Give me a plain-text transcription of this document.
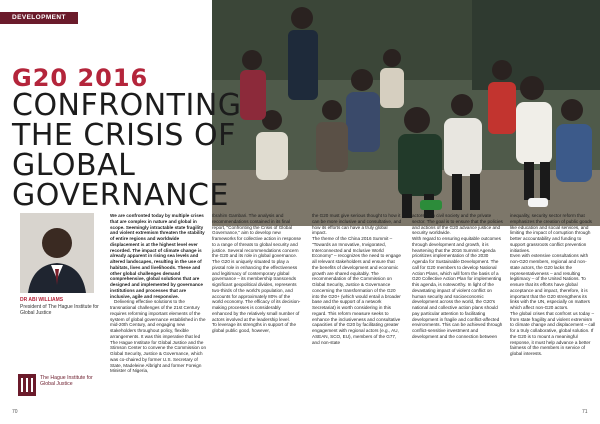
DEVELOPMENT
G20 2016
CONFRONTING THE CRISIS OF GLOBAL GOVERNANCE
DR ABI WILLIAMS
President of The Hague Institute for Global Justice
The Hague Institute for Global Justice

We are confronted today by multiple crises that are complex in nature and global in scope. Seemingly intractable state fragility and violent extremism threaten the stability of entire regions and worldwide displacement is at the highest level ever recorded. The impact of climate change is already apparent in rising sea levels and altered landscapes, resulting in the use of habitats, lives and livelihoods. These and other global challenges demand comprehensive, global solutions that are designed and implemented by governance institutions and processes that are inclusive, agile and responsive.

Delivering effective solutions to the transnational challenges of the 21st Century requires reforming important elements of the system of global governance established in the mid-20th Century, and engaging new stakeholders throughout policy, flexible arrangements. It was this imperative that led The Hague Institute for Global Justice and the Stimson Center to convene the Commission on Global Security, Justice & Governance, which was co-chaired by former U.S. Secretary of State, Madeleine Albright and former Foreign Minister of Nigeria,

Ibrahim Gambari. The analysis and recommendations contained in its final report, "Confronting the Crisis of Global Governance," aim to develop new frameworks for collective action in response to a range of threats to global security and justice. Several recommendations concern the G20 and its role in global governance.
The G20 is uniquely situated to play a pivotal role in enhancing the effectiveness and legitimacy of contemporary global governance – its membership transcends significant geopolitical divides, represents two-thirds of the world's population, and accounts for approximately 80% of the world economy. The efficacy of its decision-making processes is considerably enhanced by the relatively small number of actors involved at the leadership level.
To leverage its strengths in support of the global public good, however,

the G20 must give serious thought to how it can be more inclusive and consultative, and how its efforts can have a truly global impact.
The theme of the China 2016 Summit – "Towards an Innovative, Invigorated, Interconnected and Inclusive World Economy" – recognizes the need to engage all relevant stakeholders and ensure that the benefits of development and economic growth are shared equitably. The recommendation of the Commission on Global Security, Justice & Governance concerning the transformation of the G20 into the G20+ (which would entail a broader base and the support of a network Secretariat) is worth considering in this regard. This reform measure seeks to enhance the inclusiveness and consultative capacities of the G20 by facilitating greater engagement with regional actors (e.g., AU, ASEAN, SCO, EU), members of the G77, and non-state

actors from civil society and the private sector. The goal is to ensure that the policies and actions of the G20 advance justice and security worldwide.
With regard to ensuring equitable outcomes through development and growth, it is heartening that the 2016 Summit Agenda prioritizes implementation of the 2030 Agenda for Sustainable Development. The call for G20 members to develop National Action Plans, which will form the basis of a G20 Collective Action Plan for implementing this agenda, is noteworthy. In light of the devastating impact of violent conflict on human security and socioeconomic development across the world, the G20's national and collective action plans should pay particular attention to facilitating development in fragile and conflict-affected environments. This can be achieved through conflict-sensitive investment and development and the connection between

inequality, security sector reform that emphasizes the creation of public goods like education and social services, and limiting the impact of corruption through better accountability and funding to support grassroots conflict prevention initiatives.
Even with extensive consultations with non-G20 members, regional and non-state actors, the G20 lacks the representativeness – and resulting legitimacy – of the United Nations. To ensure that its efforts have global acceptance and impact, therefore, it is important that the G20 strengthens its links with the UN, especially on matters which affect non-G20 actors.
The global crises that confront us today – from state fragility and violent extremism to climate change and displacement – call for a truly collaborative, global solution. If the G20 is to mount a meaningful response, it must help advance a better fairness of the members in service of global interests.

70	71
